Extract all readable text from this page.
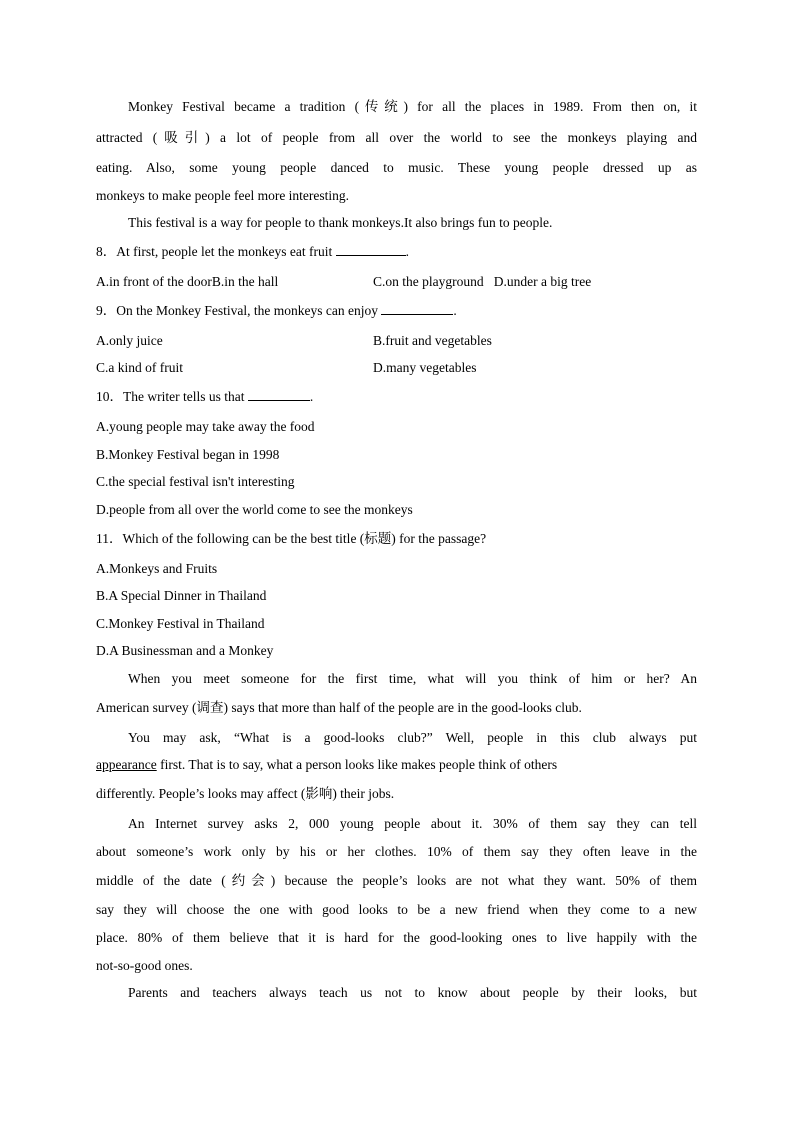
Monkey Festival became a tradition (传统) for all the places in 1989. From then on, it
attracted (吸引) a lot of people from all over the world to see the monkeys playing and
eating. Also, some young people danced to music. These young people dressed up as
monkeys to make people feel more interesting.
This festival is a way for people to thank monkeys.It also brings fun to people.
8．At first, people let the monkeys eat fruit	.
A.in front of the doorB.in the hall	C.on the playground D.under a big tree
9．On the Monkey Festival, the monkeys can enjoy	.
A.only juice	B.fruit and vegetables
C.a kind of fruit	D.many vegetables
10．The writer tells us that	.
A.young people may take away the food
B.Monkey Festival began in 1998
C.the special festival isn't interesting
D.people from all over the world come to see the monkeys
11．Which of the following can be the best title (标题) for the passage?
A.Monkeys and Fruits
B.A Special Dinner in Thailand
C.Monkey Festival in Thailand
D.A Businessman and a Monkey
When you meet someone for the first time, what will you think of him or her? An
American survey (调查) says that more than half of the people are in the good-looks club.
You may ask, “What is a good-looks club?” Well, people in this club always put
appearance first. That is to say, what a person looks like makes people think of others
differently. People’s looks may affect (影响) their jobs.
An Internet survey asks 2, 000 young people about it. 30% of them say they can tell
about someone’s work only by his or her clothes. 10% of them say they often leave in the
middle of the date (约会) because the people’s looks are not what they want. 50% of them
say they will choose the one with good looks to be a new friend when they come to a new
place. 80% of them believe that it is hard for the good-looking ones to live happily with the
not-so-good ones.
Parents and teachers always teach us not to know about people by their looks, but
